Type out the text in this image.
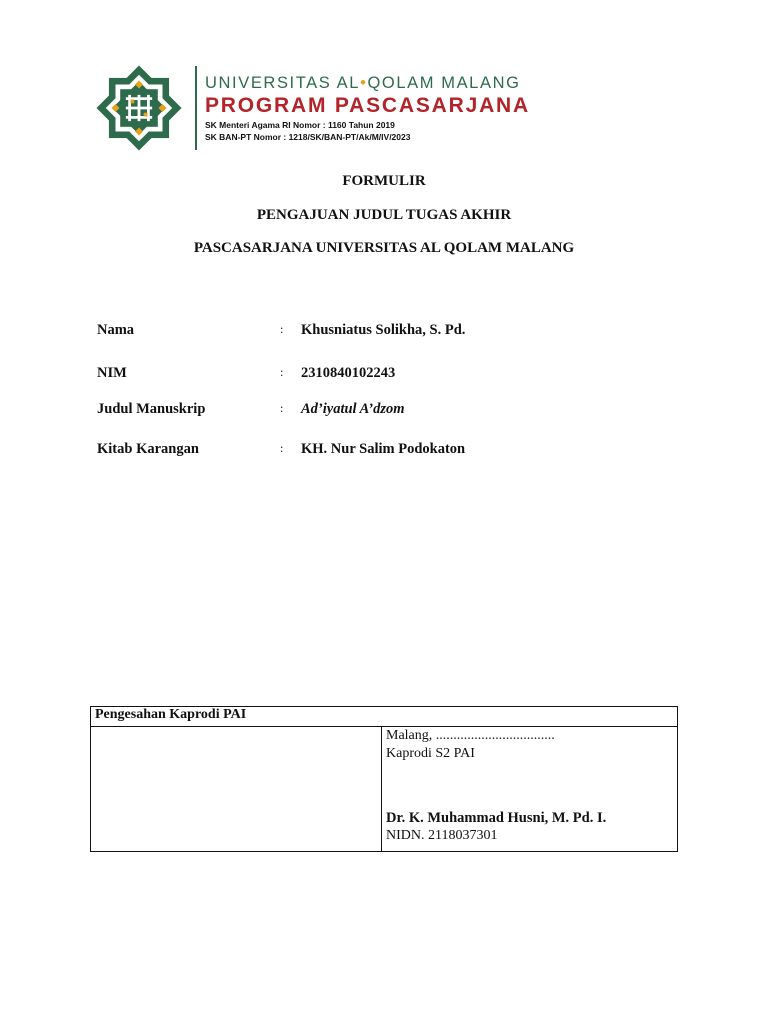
UNIVERSITAS AL•QOLAM MALANG
PROGRAM PASCASARJANA
SK Menteri Agama RI Nomor : 1160 Tahun 2019
SK BAN-PT Nomor : 1218/SK/BAN-PT/Ak/M/IV/2023
FORMULIR
PENGAJUAN JUDUL TUGAS AKHIR
PASCASARJANA UNIVERSITAS AL QOLAM MALANG
Nama	: Khusniatus Solikha, S. Pd.
NIM	: 2310840102243
Judul Manuskrip	: Ad’iyatul A’dzom
Kitab Karangan	: KH. Nur Salim Podokaton
Pengesahan Kaprodi PAI

Malang, ..................................
Kaprodi S2 PAI
Dr. K. Muhammad Husni, M. Pd. I.
NIDN. 2118037301
